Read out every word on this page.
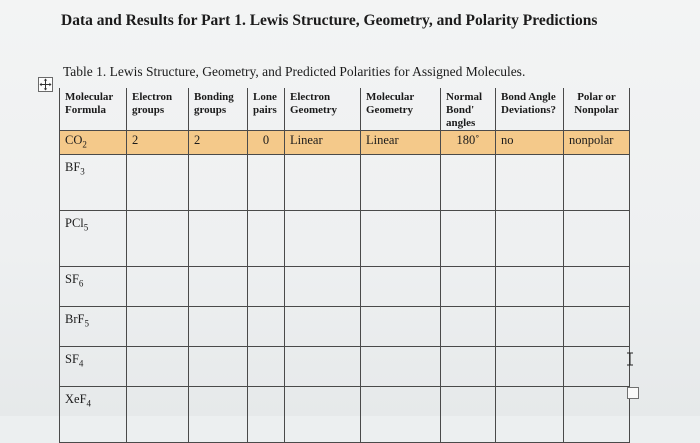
Data and Results for Part 1. Lewis Structure, Geometry, and Polarity Predictions
Table 1. Lewis Structure, Geometry, and Predicted Polarities for Assigned Molecules.
Molecular Formula	Electron groups	Bonding groups	Lone pairs	Electron Geometry	Molecular Geometry	Normal Bond' angles	Bond Angle Deviations?	Polar or Nonpolar
$CO_2$	2	2	0	Linear	Linear	180˚	no	nonpolar
$BF_3$								
PCl$_5$								
$SF_6$								
BrF$_5$								
$SF_4$								
XeF$_4$								
